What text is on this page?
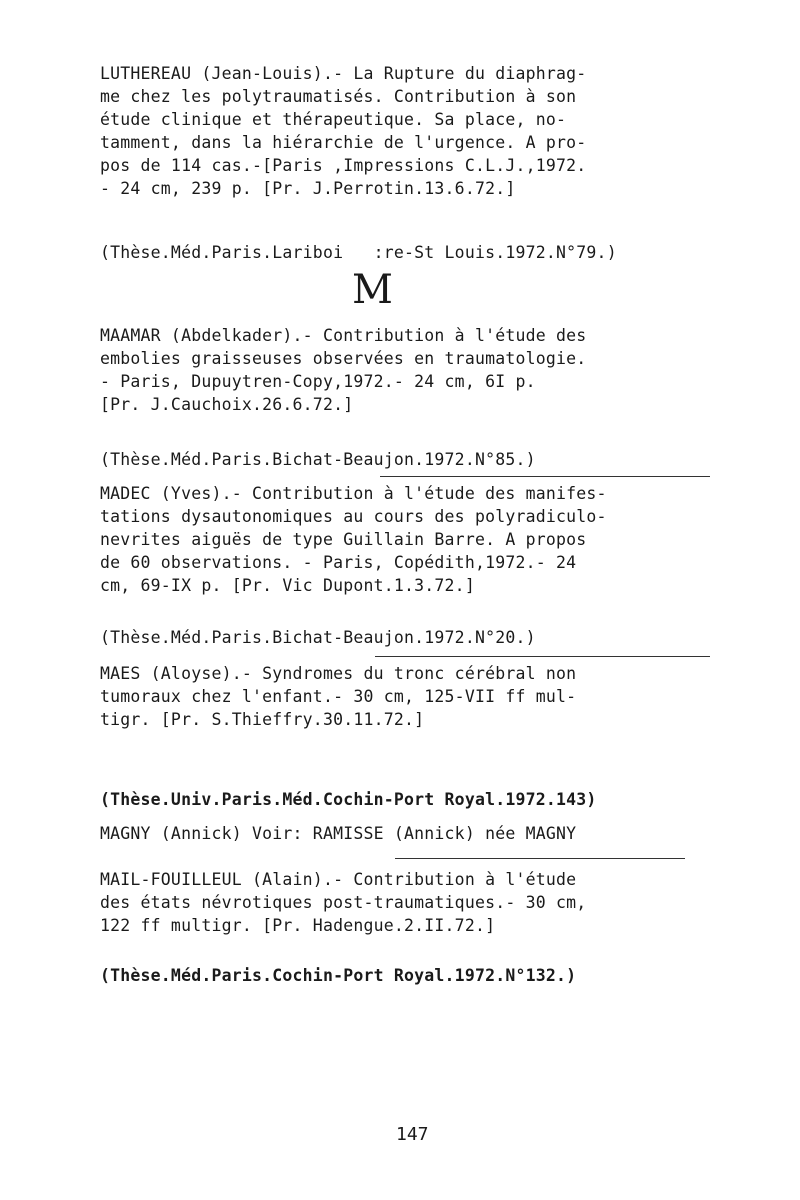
LUTHEREAU (Jean-Louis).- La Rupture du diaphrag-
me chez les polytraumatisés. Contribution à son
étude clinique et thérapeutique. Sa place, no-
tamment, dans la hiérarchie de l'urgence. A pro-
pos de 114 cas.-[Paris ,Impressions C.L.J.,1972.
- 24 cm, 239 p. [Pr. J.Perrotin.13.6.72.]
(Thèse.Méd.Paris.Lariboi   :re-St Louis.1972.N°79.)
M
MAAMAR (Abdelkader).- Contribution à l'étude des
embolies graisseuses observées en traumatologie.
- Paris, Dupuytren-Copy,1972.- 24 cm, 6I p.
[Pr. J.Cauchoix.26.6.72.]
(Thèse.Méd.Paris.Bichat-Beaujon.1972.N°85.)
MADEC (Yves).- Contribution à l'étude des manifes-
tations dysautonomiques au cours des polyradiculo-
nevrites aiguës de type Guillain Barre. A propos
de 60 observations. - Paris, Copédith,1972.- 24
cm, 69-IX p. [Pr. Vic Dupont.1.3.72.]
(Thèse.Méd.Paris.Bichat-Beaujon.1972.N°20.)
MAES (Aloyse).- Syndromes du tronc cérébral non
tumoraux chez l'enfant.- 30 cm, 125-VII ff mul-
tigr. [Pr. S.Thieffry.30.11.72.]
(Thèse.Univ.Paris.Méd.Cochin-Port Royal.1972.143)
MAGNY (Annick) Voir: RAMISSE (Annick) née MAGNY
MAIL-FOUILLEUL (Alain).- Contribution à l'étude
des états névrotiques post-traumatiques.- 30 cm,
122 ff multigr. [Pr. Hadengue.2.II.72.]
(Thèse.Méd.Paris.Cochin-Port Royal.1972.N°132.)
147
